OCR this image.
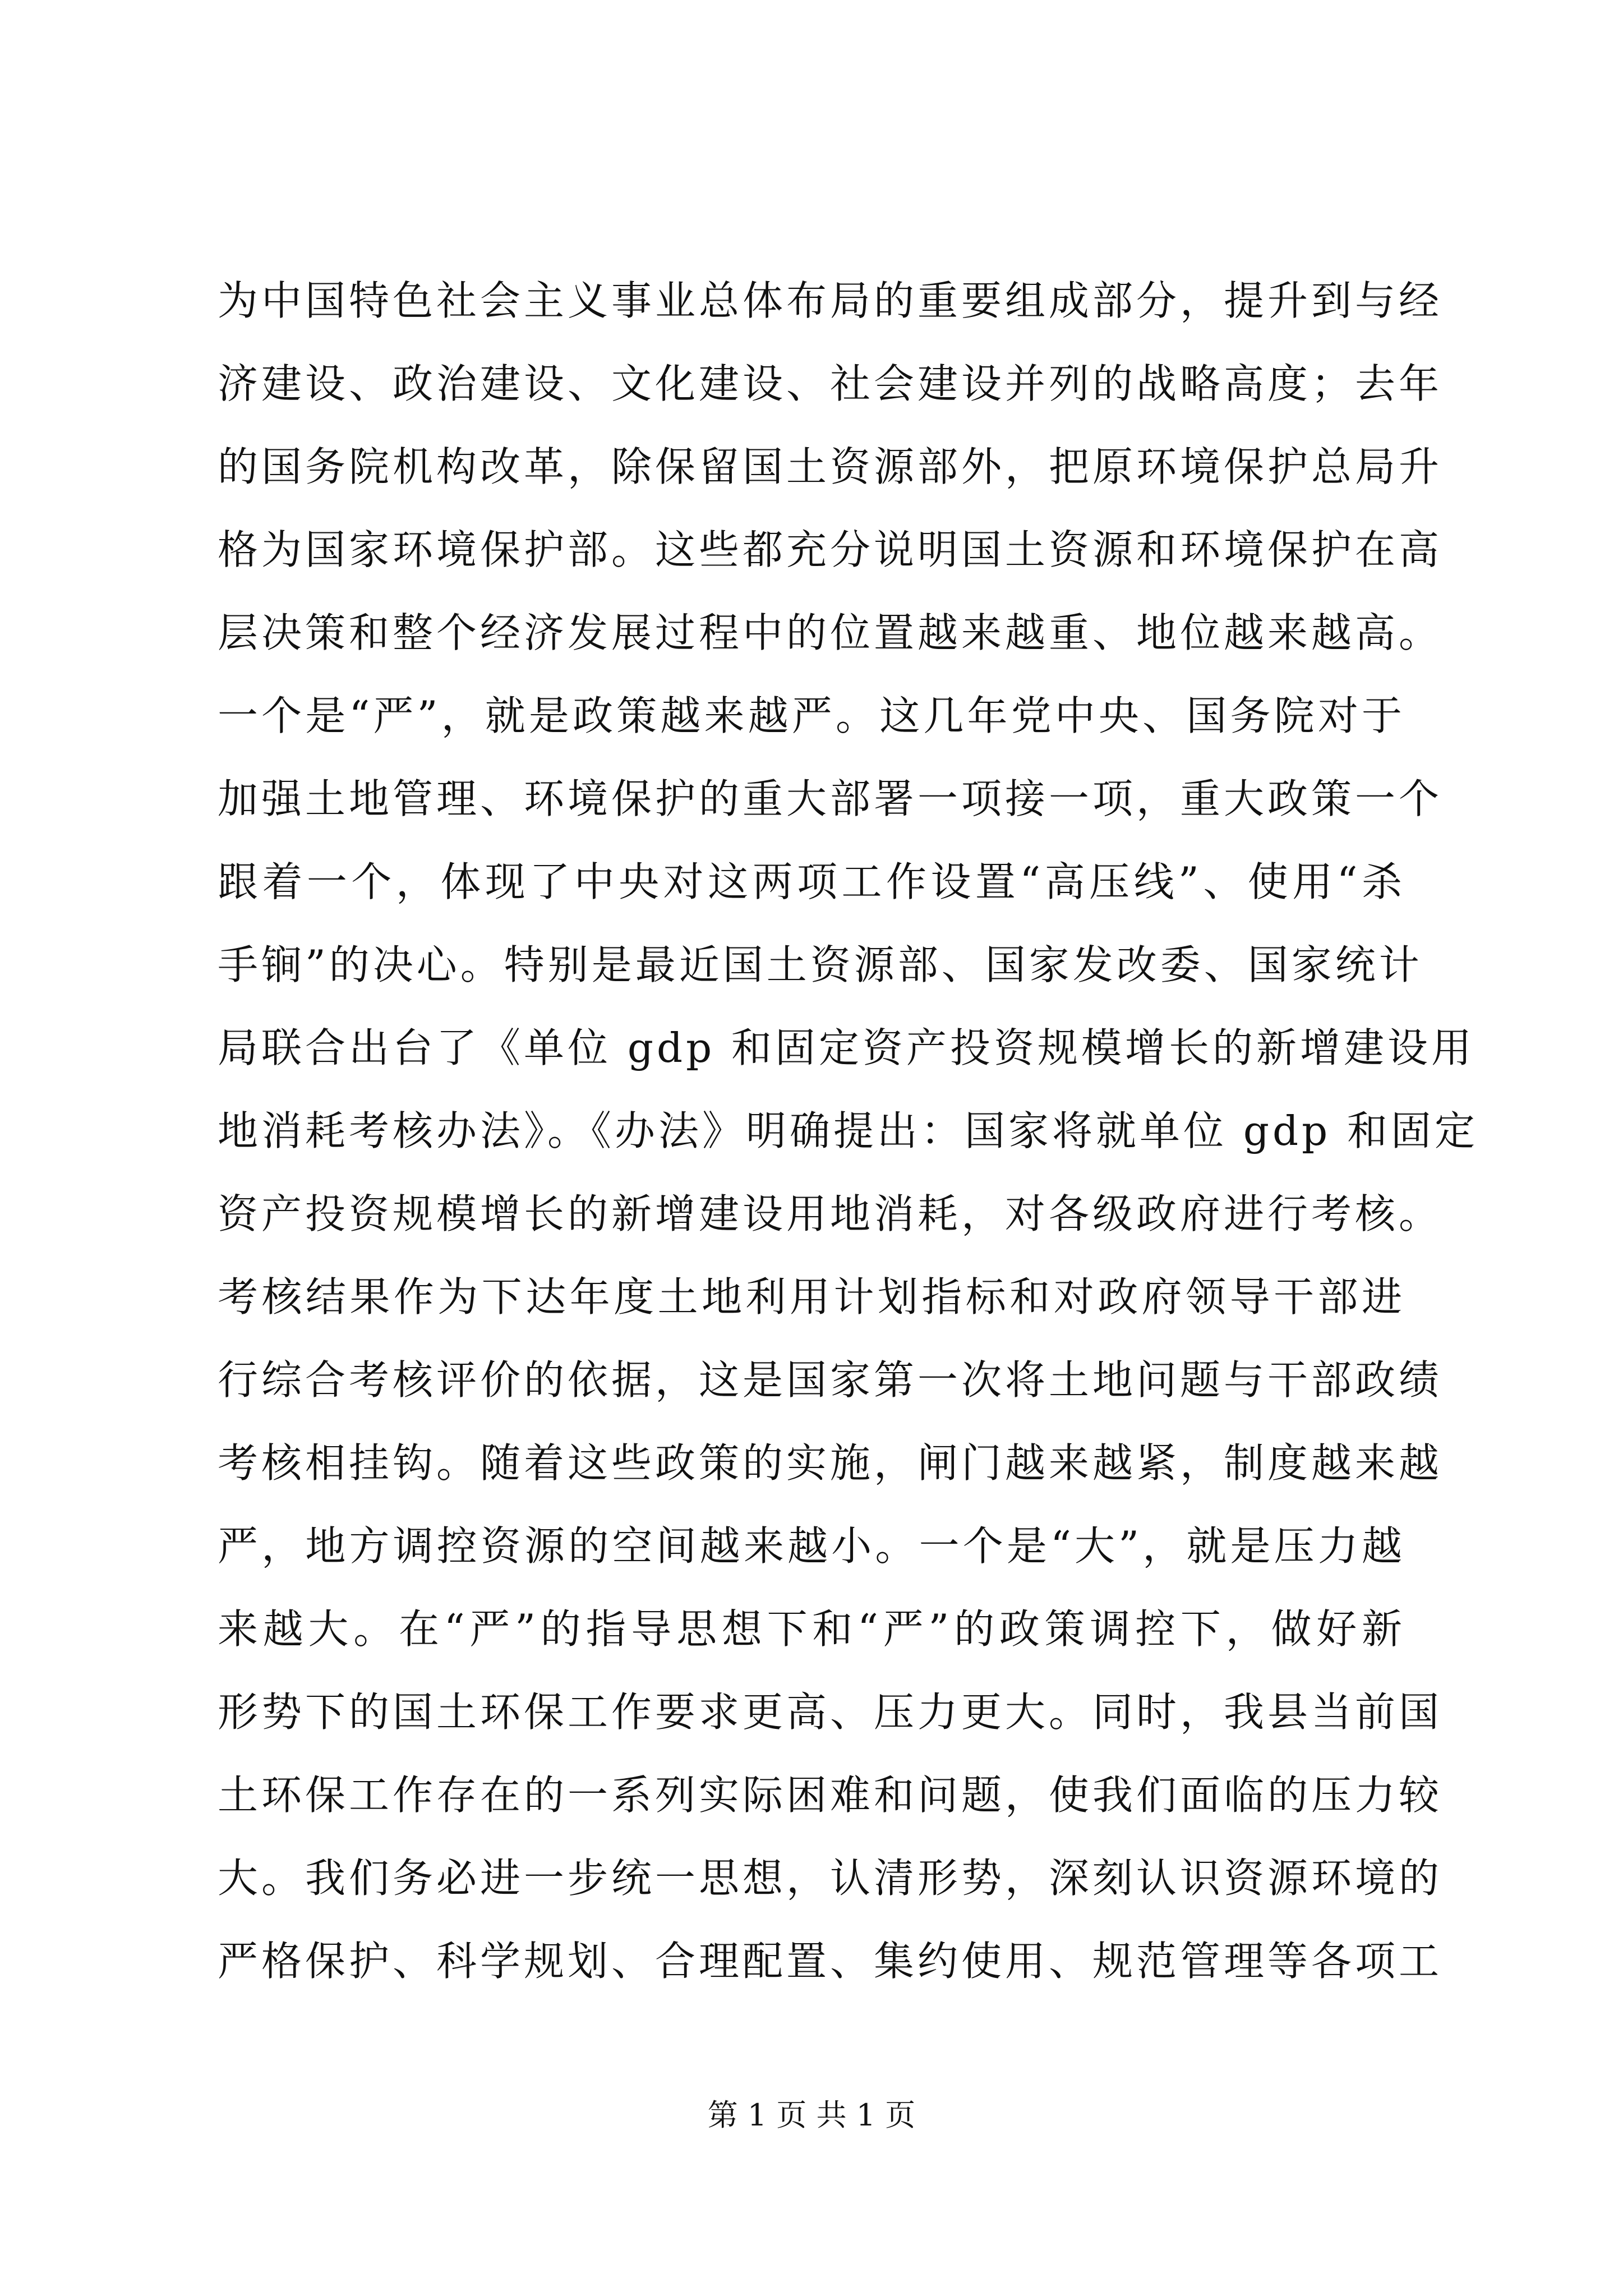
为中国特色社会主义事业总体布局的重要组成部分，提升到与经
济建设、政治建设、文化建设、社会建设并列的战略高度；去年
的国务院机构改革，除保留国土资源部外，把原环境保护总局升
格为国家环境保护部。这些都充分说明国土资源和环境保护在高
层决策和整个经济发展过程中的位置越来越重、地位越来越高。
一个是“严”，就是政策越来越严。这几年党中央、国务院对于
加强土地管理、环境保护的重大部署一项接一项，重大政策一个
跟着一个，体现了中央对这两项工作设置“高压线”、使用“杀
手锏”的决心。特别是最近国土资源部、国家发改委、国家统计
局联合出台了《单位 gdp 和固定资产投资规模增长的新增建设用
地消耗考核办法》。《办法》明确提出：国家将就单位 gdp 和固定
资产投资规模增长的新增建设用地消耗，对各级政府进行考核。
考核结果作为下达年度土地利用计划指标和对政府领导干部进
行综合考核评价的依据，这是国家第一次将土地问题与干部政绩
考核相挂钩。随着这些政策的实施，闸门越来越紧，制度越来越
严，地方调控资源的空间越来越小。一个是“大”，就是压力越
来越大。在“严”的指导思想下和“严”的政策调控下，做好新
形势下的国土环保工作要求更高、压力更大。同时，我县当前国
土环保工作存在的一系列实际困难和问题，使我们面临的压力较
大。我们务必进一步统一思想，认清形势，深刻认识资源环境的
严格保护、科学规划、合理配置、集约使用、规范管理等各项工
第 1 页 共 1 页
